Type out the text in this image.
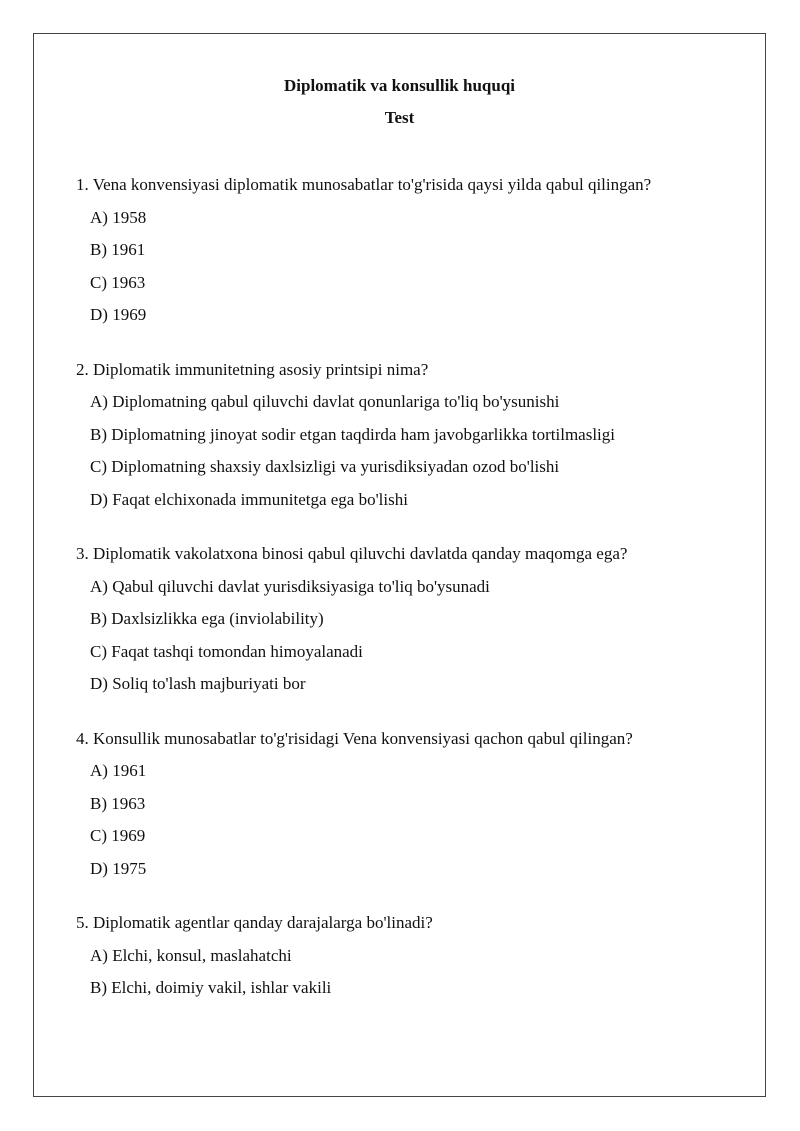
Diplomatik va konsullik huquqi
Test
1. Vena konvensiyasi diplomatik munosabatlar to'g'risida qaysi yilda qabul qilingan?
A) 1958
B) 1961
C) 1963
D) 1969
2. Diplomatik immunitetning asosiy printsipi nima?
A) Diplomatning qabul qiluvchi davlat qonunlariga to'liq bo'ysunishi
B) Diplomatning jinoyat sodir etgan taqdirda ham javobgarlikka tortilmasligi
C) Diplomatning shaxsiy daxlsizligi va yurisdiksiyadan ozod bo'lishi
D) Faqat elchixonada immunitetga ega bo'lishi
3. Diplomatik vakolatxona binosi qabul qiluvchi davlatda qanday maqomga ega?
A) Qabul qiluvchi davlat yurisdiksiyasiga to'liq bo'ysunadi
B) Daxlsizlikka ega (inviolability)
C) Faqat tashqi tomondan himoyalanadi
D) Soliq to'lash majburiyati bor
4. Konsullik munosabatlar to'g'risidagi Vena konvensiyasi qachon qabul qilingan?
A) 1961
B) 1963
C) 1969
D) 1975
5. Diplomatik agentlar qanday darajalarga bo'linadi?
A) Elchi, konsul, maslahatchi
B) Elchi, doimiy vakil, ishlar vakili
